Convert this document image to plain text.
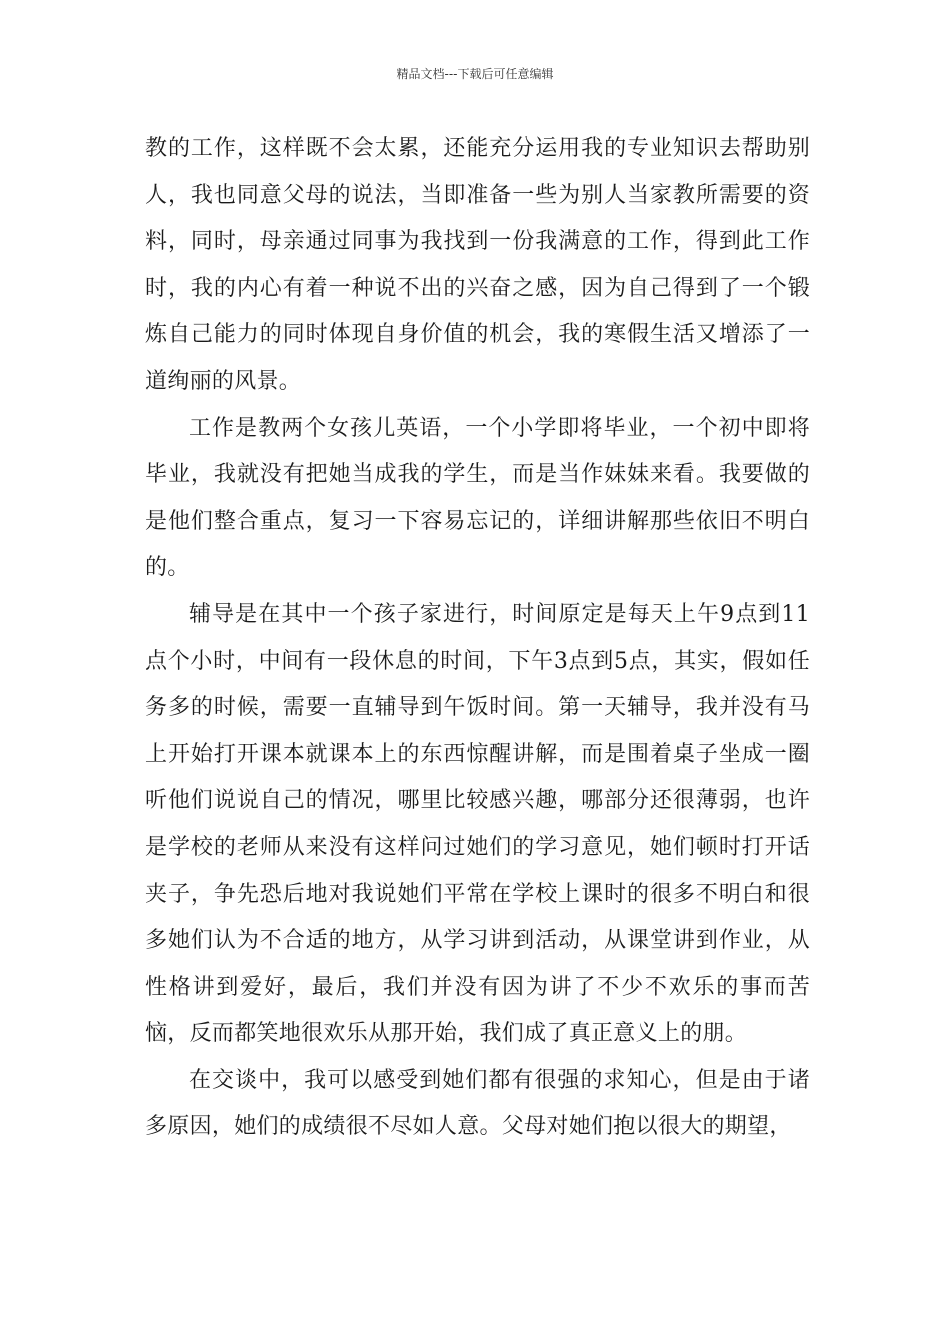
精品文档---下载后可任意编辑

教的工作，这样既不会太累，还能充分运用我的专业知识去帮助别人，我也同意父母的说法，当即准备一些为别人当家教所需要的资料，同时，母亲通过同事为我找到一份我满意的工作，得到此工作时，我的内心有着一种说不出的兴奋之感，因为自己得到了一个锻炼自己能力的同时体现自身价值的机会，我的寒假生活又增添了一道绚丽的风景。

工作是教两个女孩儿英语，一个小学即将毕业，一个初中即将毕业，我就没有把她当成我的学生，而是当作妹妹来看。我要做的是他们整合重点，复习一下容易忘记的，详细讲解那些依旧不明白的。

辅导是在其中一个孩子家进行，时间原定是每天上午9点到11点个小时，中间有一段休息的时间，下午3点到5点，其实，假如任务多的时候，需要一直辅导到午饭时间。第一天辅导，我并没有马上开始打开课本就课本上的东西惊醒讲解，而是围着桌子坐成一圈听他们说说自己的情况，哪里比较感兴趣，哪部分还很薄弱，也许是学校的老师从来没有这样问过她们的学习意见，她们顿时打开话夹子，争先恐后地对我说她们平常在学校上课时的很多不明白和很多她们认为不合适的地方，从学习讲到活动，从课堂讲到作业，从性格讲到爱好，最后，我们并没有因为讲了不少不欢乐的事而苦恼，反而都笑地很欢乐从那开始，我们成了真正意义上的朋。

在交谈中，我可以感受到她们都有很强的求知心，但是由于诸多原因，她们的成绩很不尽如人意。父母对她们抱以很大的期望，
